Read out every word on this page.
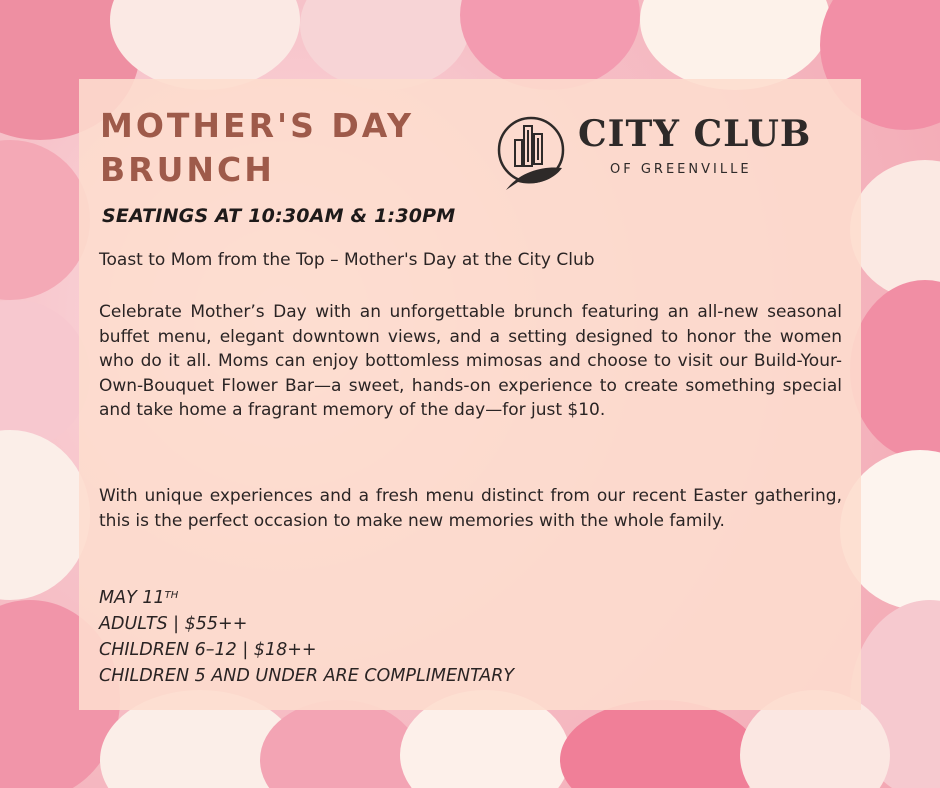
MOTHER'S DAY BRUNCH
CITY CLUB
OF GREENVILLE

SEATINGS AT 10:30AM & 1:30PM

Toast to Mom from the Top – Mother's Day at the City Club

Celebrate Mother’s Day with an unforgettable brunch featuring an all-new seasonal buffet menu, elegant downtown views, and a setting designed to honor the women who do it all. Moms can enjoy bottomless mimosas and choose to visit our Build-Your-Own-Bouquet Flower Bar—a sweet, hands-on experience to create something special and take home a fragrant memory of the day—for just $10.

With unique experiences and a fresh menu distinct from our recent Easter gathering, this is the perfect occasion to make new memories with the whole family.

MAY 11TH
ADULTS | $55++
CHILDREN 6–12 | $18++
CHILDREN 5 AND UNDER ARE COMPLIMENTARY
